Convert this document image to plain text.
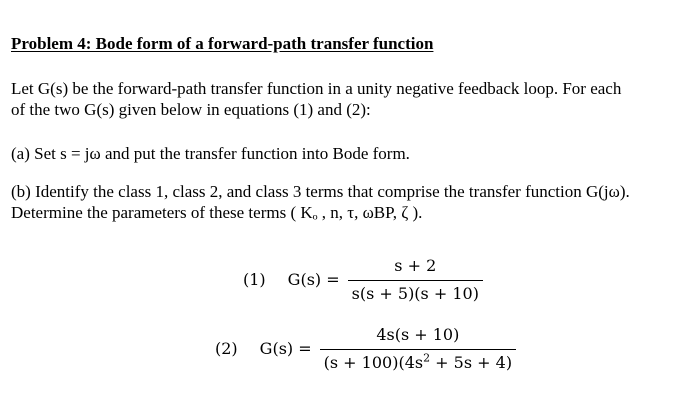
Problem 4: Bode form of a forward-path transfer function
Let G(s) be the forward-path transfer function in a unity negative feedback loop. For each
of the two G(s) given below in equations (1) and (2):
(a) Set s = jω and put the transfer function into Bode form.
(b) Identify the class 1, class 2, and class 3 terms that comprise the transfer function G(jω).
Determine the parameters of these terms ( Kₒ , n, τ, ωBP, ζ ).
(1) $G(s) = \frac{s + 2}{s(s + 5)(s + 10)}$
(2) $G(s) = \frac{4s(s + 10)}{(s + 100)(4s^2 + 5s + 4)}$
